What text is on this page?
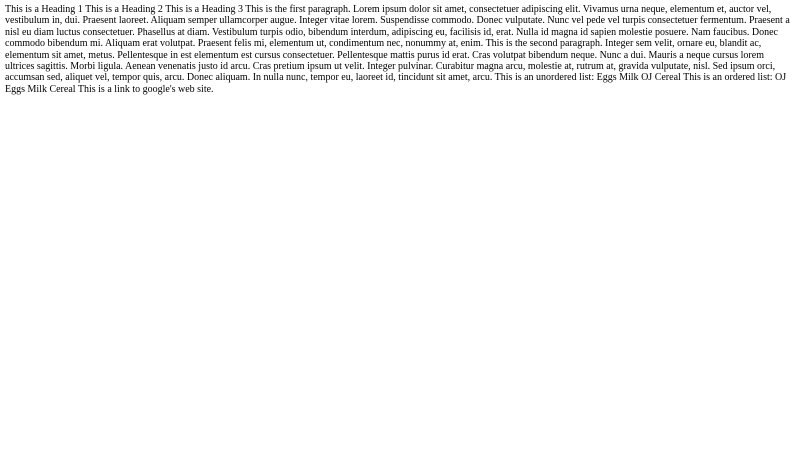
This is a Heading 1 This is a Heading 2 This is a Heading 3 This is the first paragraph. Lorem ipsum dolor sit amet, consectetuer adipiscing elit. Vivamus urna neque, elementum et, auctor vel, vestibulum in, dui. Praesent laoreet. Aliquam semper ullamcorper augue. Integer vitae lorem. Suspendisse commodo. Donec vulputate. Nunc vel pede vel turpis consectetuer fermentum. Praesent a nisl eu diam luctus consectetuer. Phasellus at diam. Vestibulum turpis odio, bibendum interdum, adipiscing eu, facilisis id, erat. Nulla id magna id sapien molestie posuere. Nam faucibus. Donec commodo bibendum mi. Aliquam erat volutpat. Praesent felis mi, elementum ut, condimentum nec, nonummy at, enim. This is the second paragraph. Integer sem velit, ornare eu, blandit ac, elementum sit amet, metus. Pellentesque in est elementum est cursus consectetuer. Pellentesque mattis purus id erat. Cras volutpat bibendum neque. Nunc a dui. Mauris a neque cursus lorem ultrices sagittis. Morbi ligula. Aenean venenatis justo id arcu. Cras pretium ipsum ut velit. Integer pulvinar. Curabitur magna arcu, molestie at, rutrum at, gravida vulputate, nisl. Sed ipsum orci, accumsan sed, aliquet vel, tempor quis, arcu. Donec aliquam. In nulla nunc, tempor eu, laoreet id, tincidunt sit amet, arcu. This is an unordered list: Eggs Milk OJ Cereal This is an ordered list: OJ Eggs Milk Cereal This is a link to google's web site.
